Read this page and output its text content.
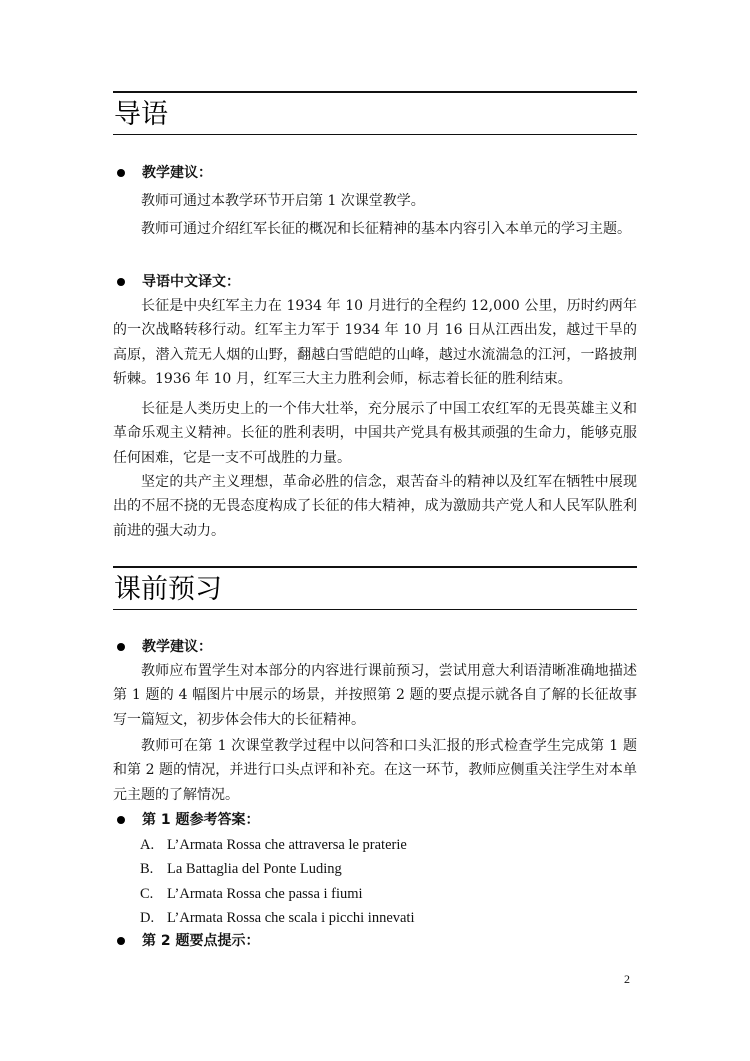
导语
教学建议：

教师可通过本教学环节开启第 1 次课堂教学。

教师可通过介绍红军长征的概况和长征精神的基本内容引入本单元的学习主题。

导语中文译文：

长征是中央红军主力在 1934 年 10 月进行的全程约 12,000 公里，历时约两年的一次战略转移行动。红军主力军于 1934 年 10 月 16 日从江西出发，越过干旱的高原，潜入荒无人烟的山野，翻越白雪皑皑的山峰，越过水流湍急的江河，一路披荆斩棘。1936 年 10 月，红军三大主力胜利会师，标志着长征的胜利结束。

长征是人类历史上的一个伟大壮举，充分展示了中国工农红军的无畏英雄主义和革命乐观主义精神。长征的胜利表明，中国共产党具有极其顽强的生命力，能够克服任何困难，它是一支不可战胜的力量。

坚定的共产主义理想，革命必胜的信念，艰苦奋斗的精神以及红军在牺牲中展现出的不屈不挠的无畏态度构成了长征的伟大精神，成为激励共产党人和人民军队胜利前进的强大动力。

课前预习
教学建议：

教师应布置学生对本部分的内容进行课前预习，尝试用意大利语清晰准确地描述第 1 题的 4 幅图片中展示的场景，并按照第 2 题的要点提示就各自了解的长征故事写一篇短文，初步体会伟大的长征精神。

教师可在第 1 次课堂教学过程中以问答和口头汇报的形式检查学生完成第 1 题和第 2 题的情况，并进行口头点评和补充。在这一环节，教师应侧重关注学生对本单元主题的了解情况。

第 1 题参考答案：
A. L’Armata Rossa che attraversa le praterie
B. La Battaglia del Ponte Luding
C. L’Armata Rossa che passa i fiumi
D. L’Armata Rossa che scala i picchi innevati
第 2 题要点提示：
2
